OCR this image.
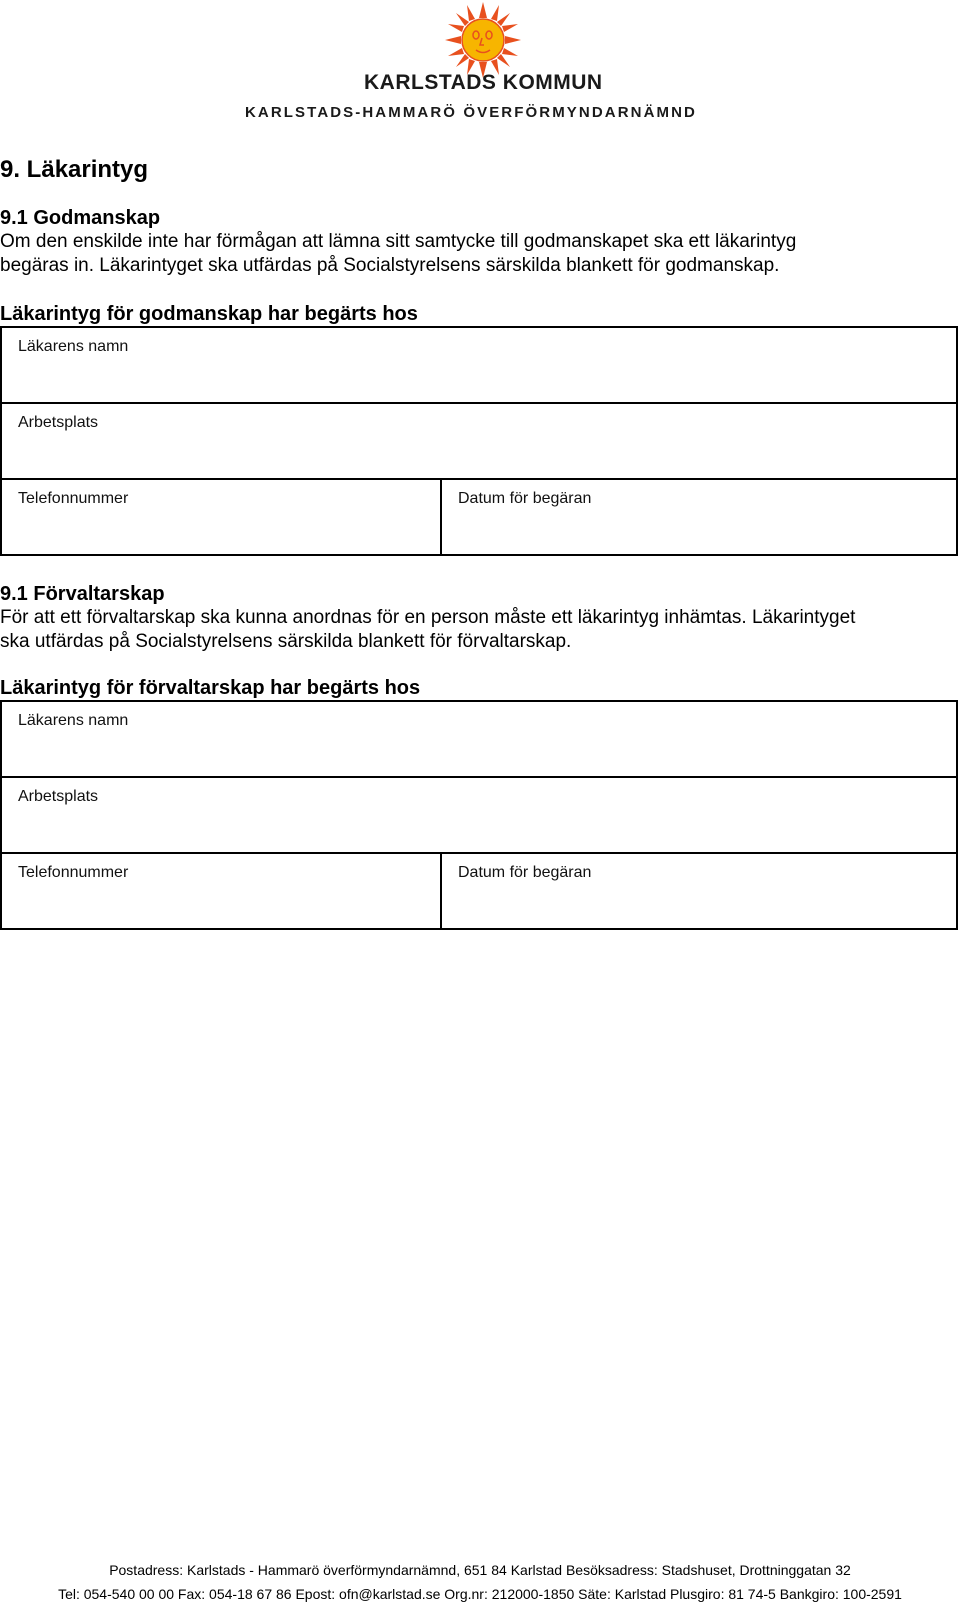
KARLSTADS KOMMUN
KARLSTADS-HAMMARÖ ÖVERFÖRMYNDARNÄMND
9. Läkarintyg
9.1 Godmanskap

Om den enskilde inte har förmågan att lämna sitt samtycke till godmanskapet ska ett läkarintyg

begäras in. Läkarintyget ska utfärdas på Socialstyrelsens särskilda blankett för godmanskap.

Läkarintyg för godmanskap har begärts hos
Läkarens namn
Arbetsplats
Telefonnummer	Datum för begäran
9.1 Förvaltarskap

För att ett förvaltarskap ska kunna anordnas för en person måste ett läkarintyg inhämtas. Läkarintyget

ska utfärdas på Socialstyrelsens särskilda blankett för förvaltarskap.

Läkarintyg för förvaltarskap har begärts hos
Läkarens namn
Arbetsplats
Telefonnummer	Datum för begäran
Postadress: Karlstads - Hammarö överförmyndarnämnd, 651 84 Karlstad Besöksadress: Stadshuset, Drottninggatan 32
Tel: 054-540 00 00 Fax: 054-18 67 86 Epost: ofn@karlstad.se Org.nr: 212000-1850 Säte: Karlstad Plusgiro: 81 74-5 Bankgiro: 100-2591
